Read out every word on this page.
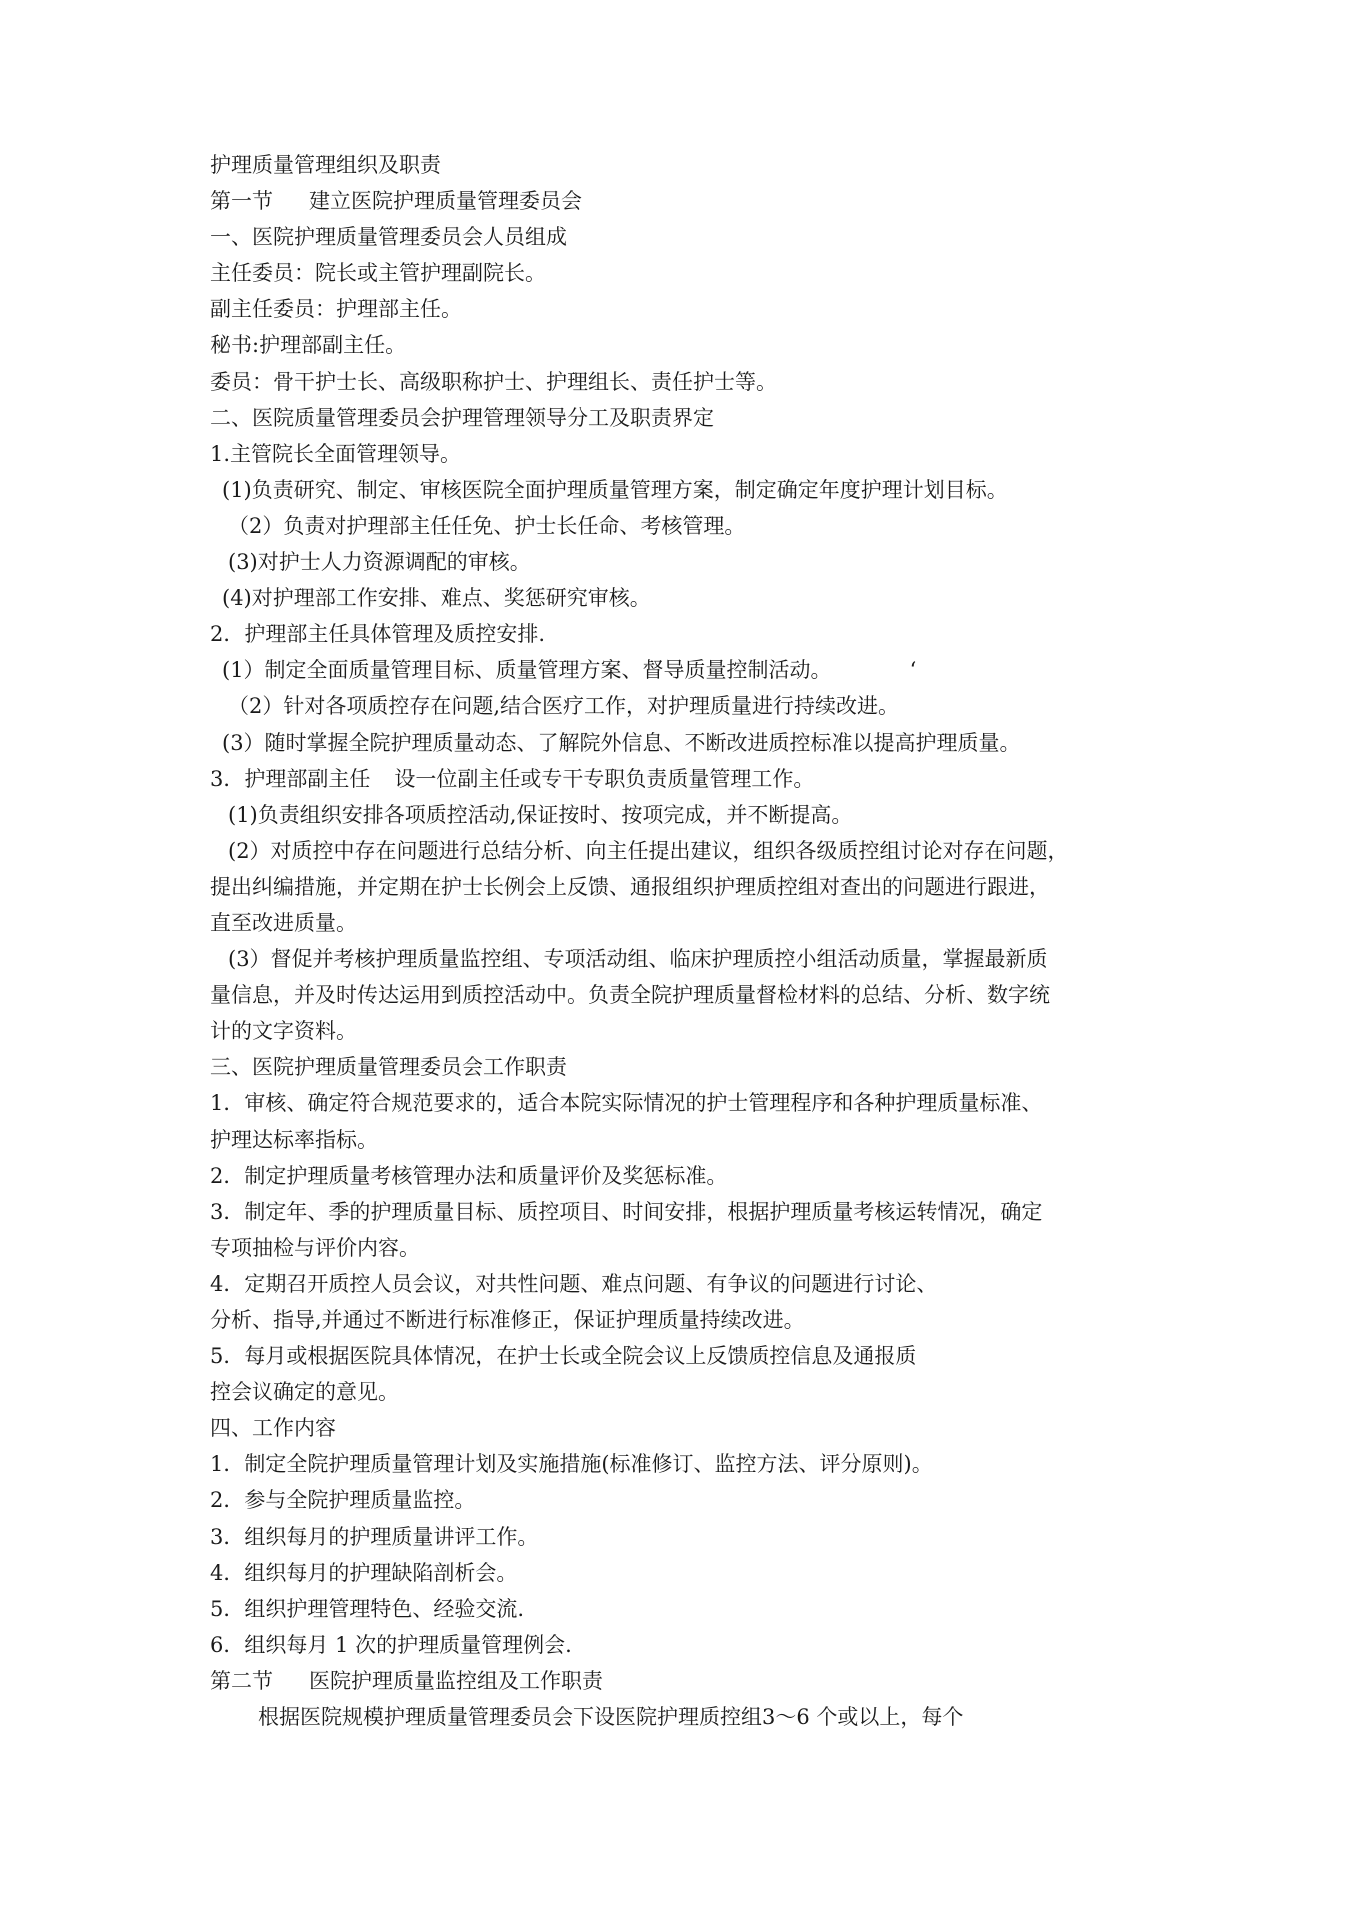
护理质量管理组织及职责

第一节 建立医院护理质量管理委员会

一、医院护理质量管理委员会人员组成

主任委员：院长或主管护理副院长。

副主任委员：护理部主任。

秘书:护理部副主任。

委员：骨干护士长、高级职称护士、护理组长、责任护士等。

二、医院质量管理委员会护理管理领导分工及职责界定

1.主管院长全面管理领导。

(1)负责研究、制定、审核医院全面护理质量管理方案，制定确定年度护理计划目标。

（2）负责对护理部主任任免、护士长任命、考核管理。

(3)对护士人力资源调配的审核。

(4)对护理部工作安排、难点、奖惩研究审核。

2．护理部主任具体管理及质控安排.

(1）制定全面质量管理目标、质量管理方案、督导质量控制活动。	‘

（2）针对各项质控存在问题,结合医疗工作，对护理质量进行持续改进。

(3）随时掌握全院护理质量动态、了解院外信息、不断改进质控标准以提高护理质量。

3．护理部副主任 设一位副主任或专干专职负责质量管理工作。

(1)负责组织安排各项质控活动,保证按时、按项完成，并不断提高。

(2）对质控中存在问题进行总结分析、向主任提出建议，组织各级质控组讨论对存在问题，

提出纠编措施，并定期在护士长例会上反馈、通报组织护理质控组对查出的问题进行跟进，

直至改进质量。

(3）督促并考核护理质量监控组、专项活动组、临床护理质控小组活动质量，掌握最新质

量信息，并及时传达运用到质控活动中。负责全院护理质量督检材料的总结、分析、数字统

计的文字资料。

三、医院护理质量管理委员会工作职责

1．审核、确定符合规范要求的，适合本院实际情况的护士管理程序和各种护理质量标准、

护理达标率指标。

2．制定护理质量考核管理办法和质量评价及奖惩标准。

3．制定年、季的护理质量目标、质控项目、时间安排，根据护理质量考核运转情况，确定

专项抽检与评价内容。

4．定期召开质控人员会议，对共性问题、难点问题、有争议的问题进行讨论、

分析、指导,并通过不断进行标准修正，保证护理质量持续改进。

5．每月或根据医院具体情况，在护士长或全院会议上反馈质控信息及通报质

控会议确定的意见。

四、工作内容

1．制定全院护理质量管理计划及实施措施(标准修订、监控方法、评分原则)。

2．参与全院护理质量监控。

3．组织每月的护理质量讲评工作。

4．组织每月的护理缺陷剖析会。

5．组织护理管理特色、经验交流.

6．组织每月 1 次的护理质量管理例会.

第二节 医院护理质量监控组及工作职责

根据医院规模护理质量管理委员会下设医院护理质控组3～6 个或以上，每个
